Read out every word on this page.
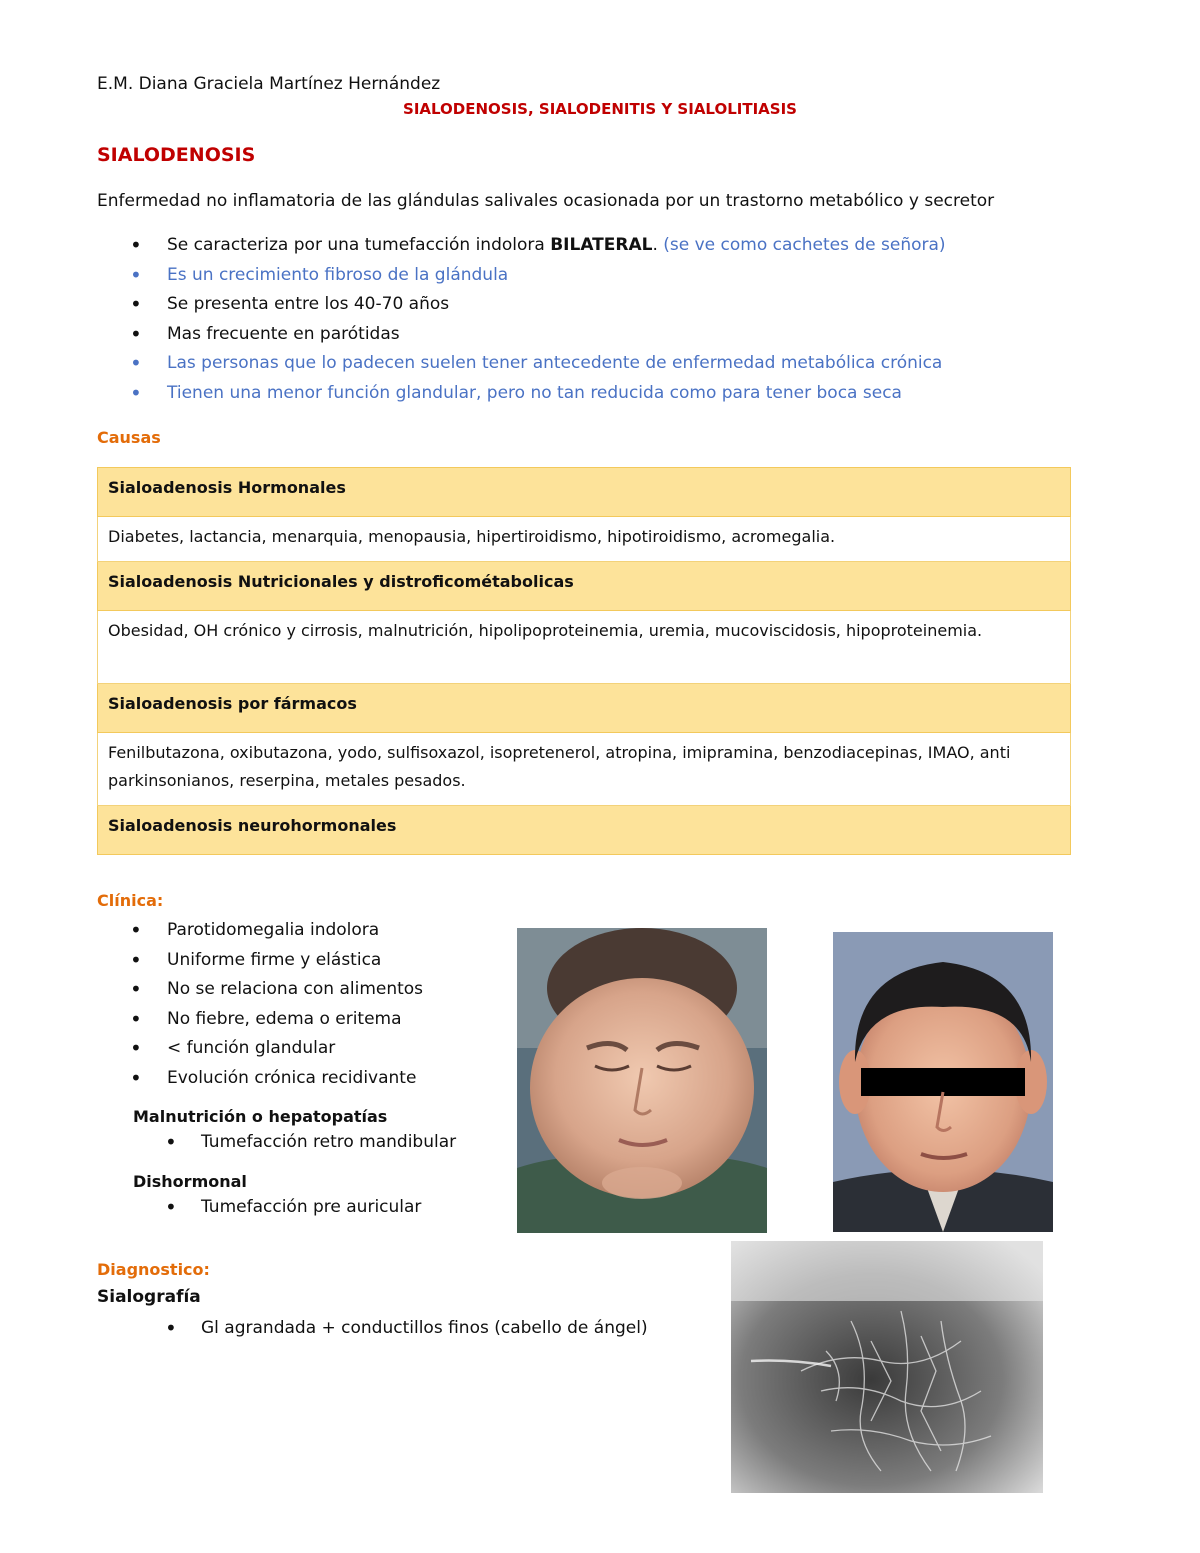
E.M. Diana Graciela Martínez Hernández
SIALODENOSIS, SIALODENITIS Y SIALOLITIASIS
SIALODENOSIS
Enfermedad no inflamatoria de las glándulas salivales ocasionada por un trastorno metabólico y secretor
• Se caracteriza por una tumefacción indolora BILATERAL. (se ve como cachetes de señora)
• Es un crecimiento fibroso de la glándula
• Se presenta entre los 40-70 años
• Mas frecuente en parótidas
• Las personas que lo padecen suelen tener antecedente de enfermedad metabólica crónica
• Tienen una menor función glandular, pero no tan reducida como para tener boca seca
Causas
Sialoadenosis Hormonales
Diabetes, lactancia, menarquia, menopausia, hipertiroidismo, hipotiroidismo, acromegalia.
Sialoadenosis Nutricionales y distroficométabolicas
Obesidad, OH crónico y cirrosis, malnutrición, hipolipoproteinemia, uremia, mucoviscidosis, hipoproteinemia.
Sialoadenosis por fármacos
Fenilbutazona, oxibutazona, yodo, sulfisoxazol, isopretenerol, atropina, imipramina, benzodiacepinas, IMAO, anti parkinsonianos, reserpina, metales pesados.
Sialoadenosis neurohormonales
Clínica:
• Parotidomegalia indolora
• Uniforme firme y elástica
• No se relaciona con alimentos
• No fiebre, edema o eritema
• < función glandular
• Evolución crónica recidivante
Malnutrición o hepatopatías
• Tumefacción retro mandibular
Dishormonal
• Tumefacción pre auricular
Diagnostico:
Sialografía
• Gl agrandada + conductillos finos (cabello de ángel)
